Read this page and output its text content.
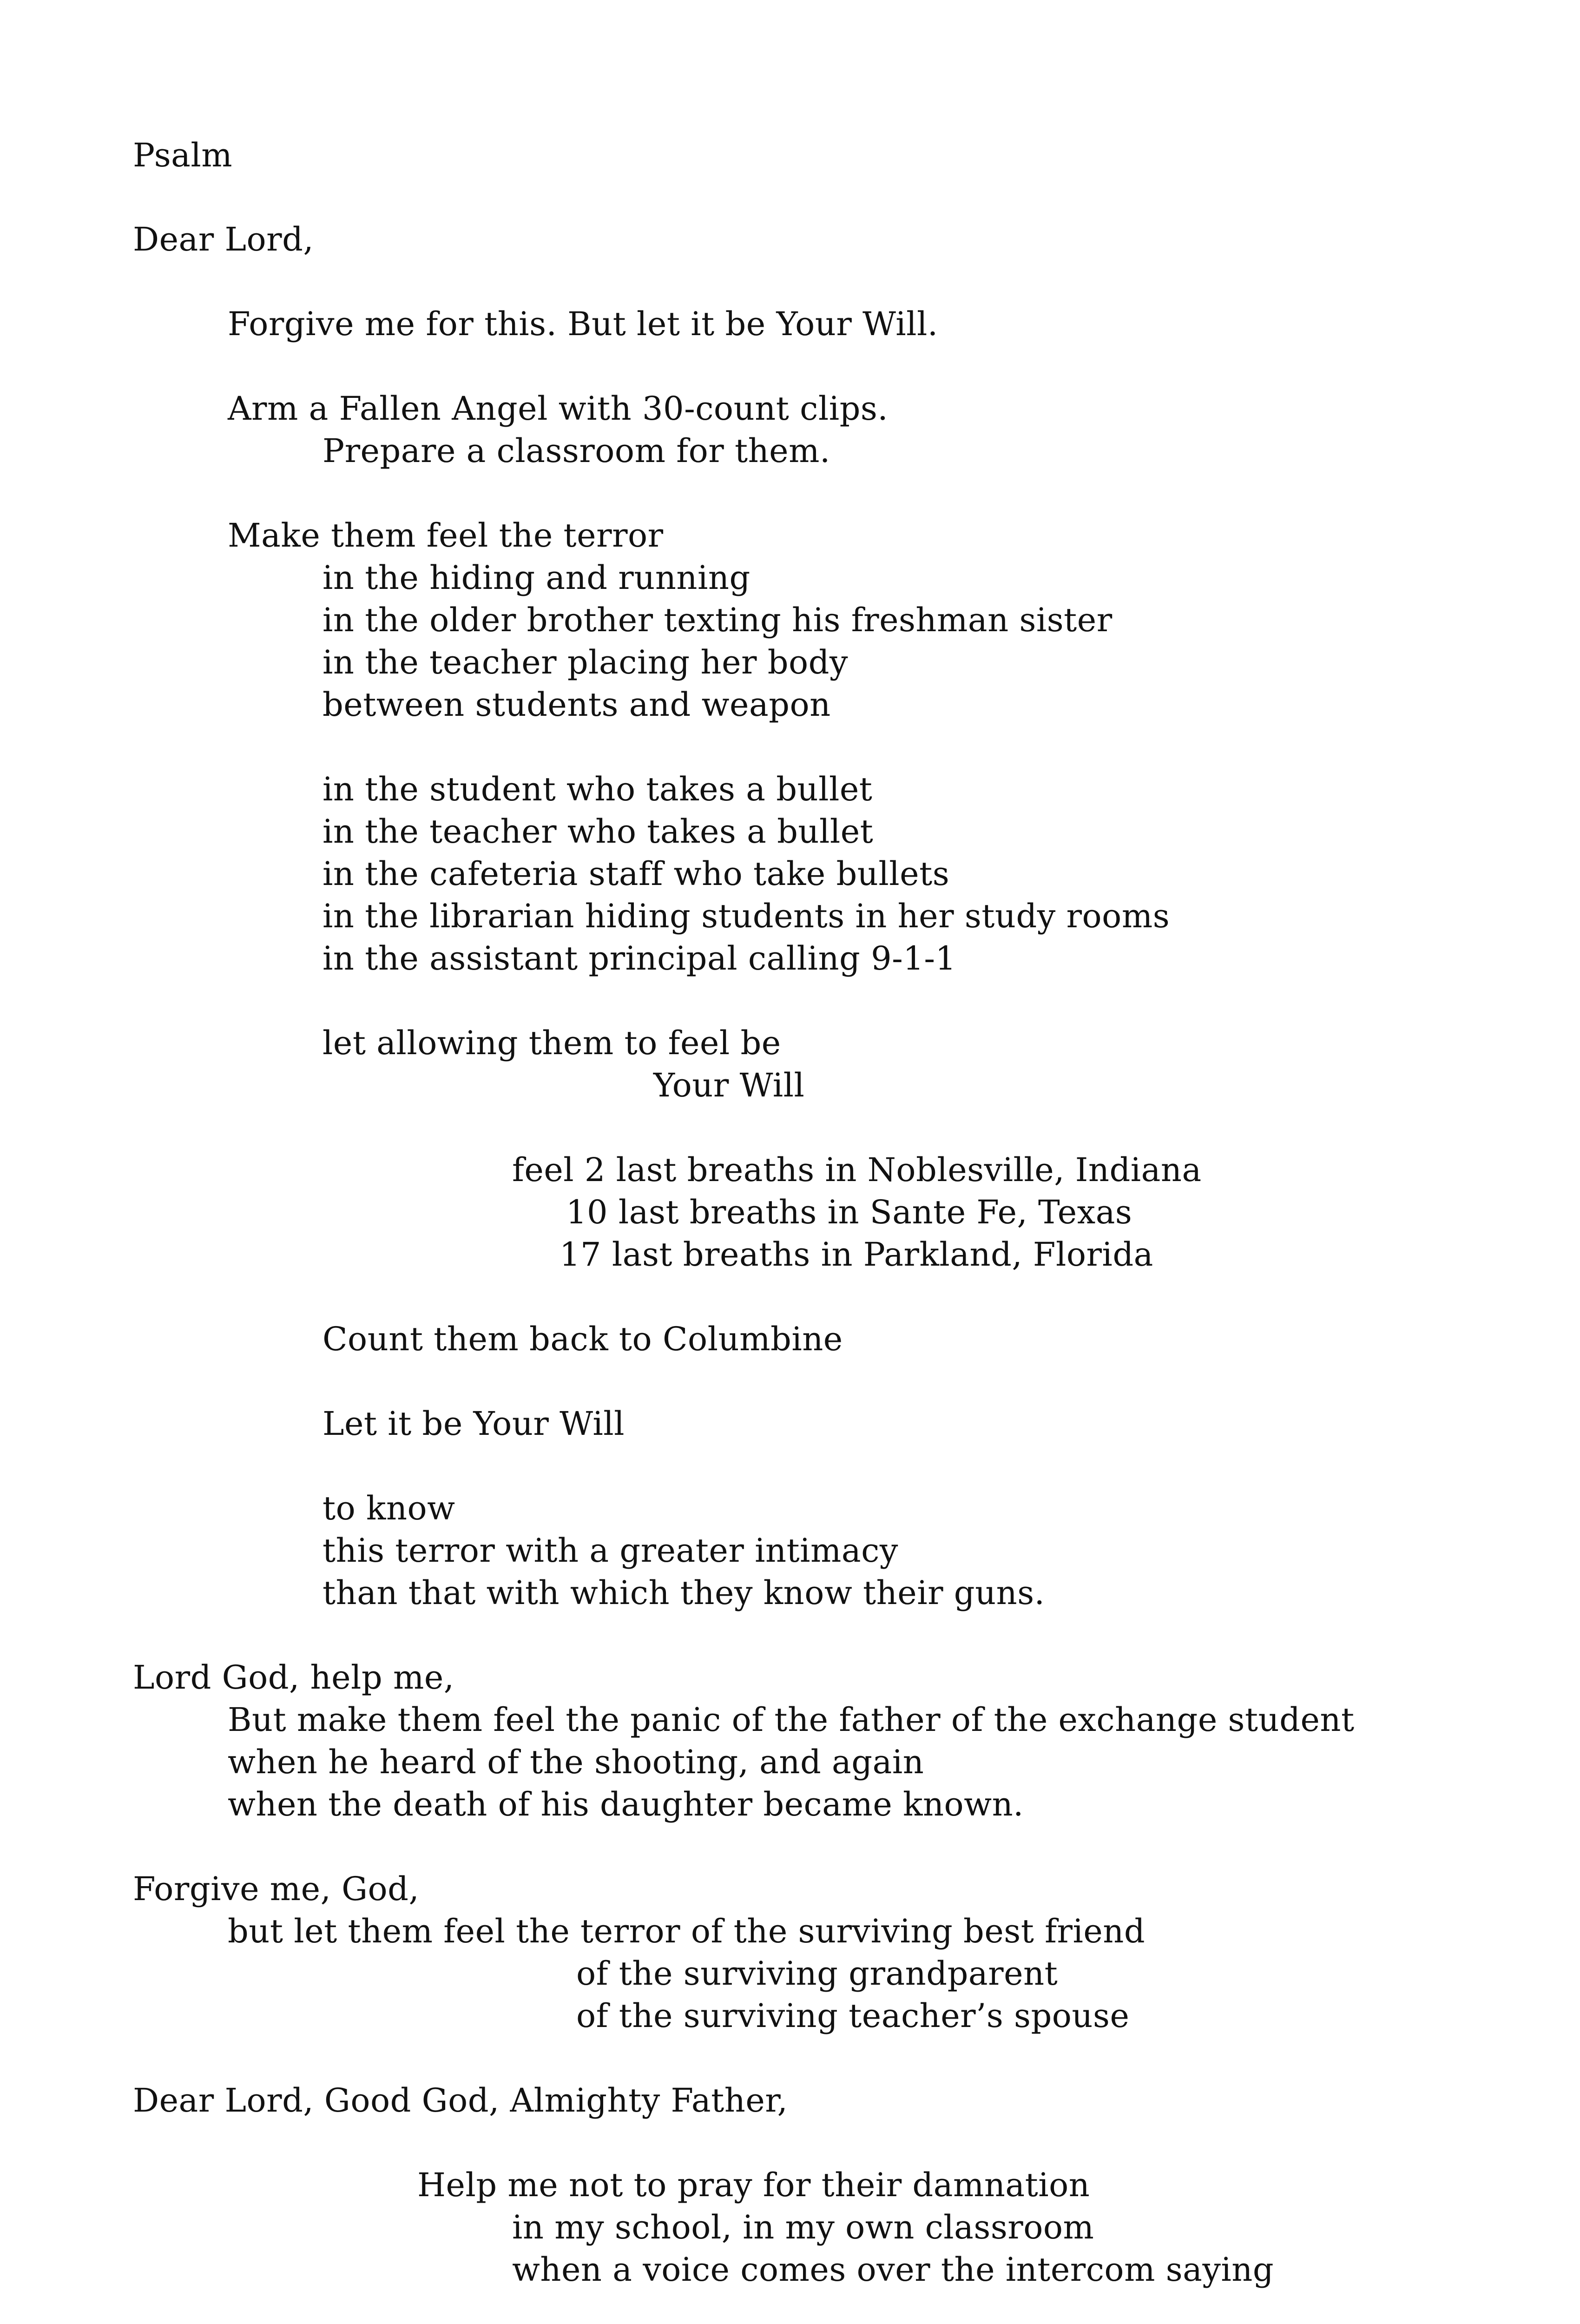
Psalm
Dear Lord,
Forgive me for this. But let it be Your Will.
Arm a Fallen Angel with 30-count clips.
Prepare a classroom for them.
Make them feel the terror
in the hiding and running
in the older brother texting his freshman sister
in the teacher placing her body
between students and weapon
in the student who takes a bullet
in the teacher who takes a bullet
in the cafeteria staff who take bullets
in the librarian hiding students in her study rooms
in the assistant principal calling 9-1-1
let allowing them to feel be
Your Will
feel 2 last breaths in Noblesville, Indiana
10 last breaths in Sante Fe, Texas
17 last breaths in Parkland, Florida
Count them back to Columbine
Let it be Your Will
to know
this terror with a greater intimacy
than that with which they know their guns.
Lord God, help me,
But make them feel the panic of the father of the exchange student
when he heard of the shooting, and again
when the death of his daughter became known.
Forgive me, God,
but let them feel the terror of the surviving best friend
of the surviving grandparent
of the surviving teacher’s spouse
Dear Lord, Good God, Almighty Father,
Help me not to pray for their damnation
in my school, in my own classroom
when a voice comes over the intercom saying
